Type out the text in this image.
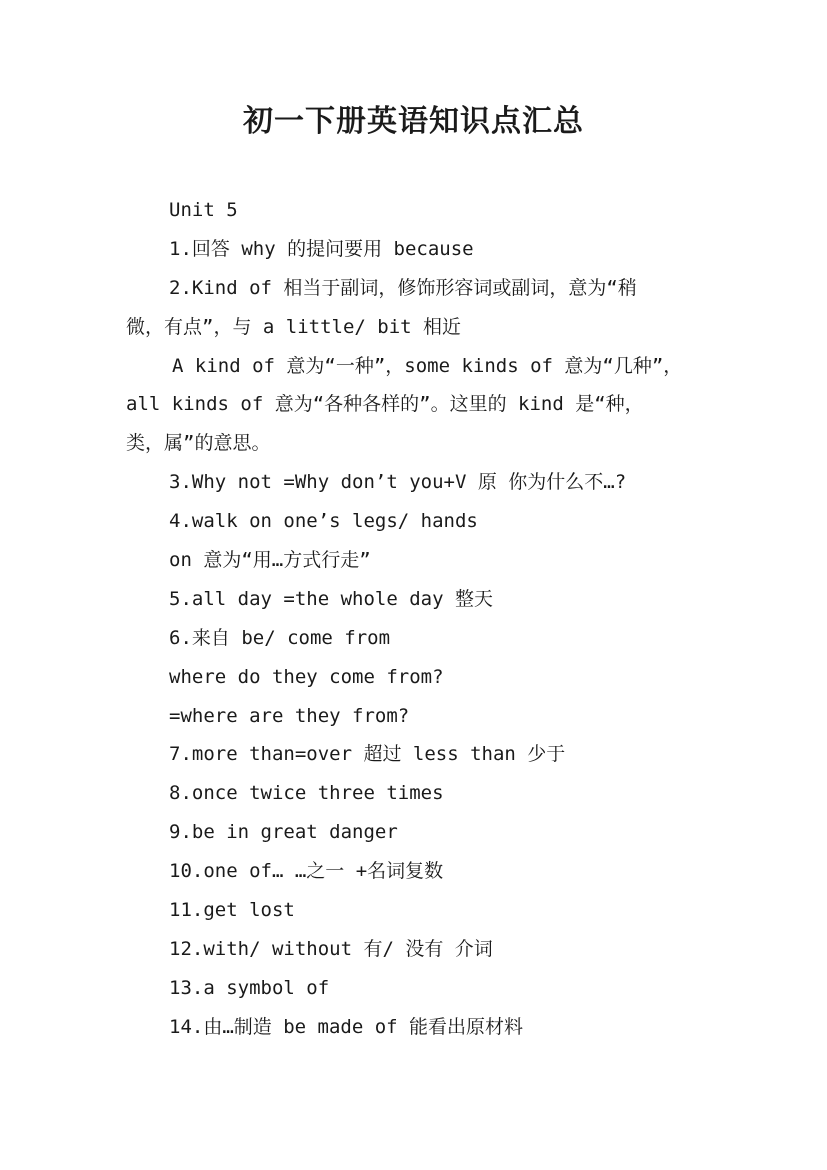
初一下册英语知识点汇总
Unit 5
1.回答 why 的提问要用 because
2.Kind of 相当于副词，修饰形容词或副词，意为“稍
微，有点”，与 a little/ bit 相近
A kind of 意为“一种”，some kinds of 意为“几种”，
all kinds of 意为“各种各样的”。这里的 kind 是“种，
类，属”的意思。
3.Why not =Why don’t you+V 原 你为什么不…?
4.walk on one’s legs/ hands
on 意为“用…方式行走”
5.all day =the whole day 整天
6.来自 be/ come from
where do they come from?
=where are they from?
7.more than=over 超过 less than 少于
8.once twice three times
9.be in great danger
10.one of… …之一 +名词复数
11.get lost
12.with/ without 有/ 没有 介词
13.a symbol of
14.由…制造 be made of 能看出原材料
